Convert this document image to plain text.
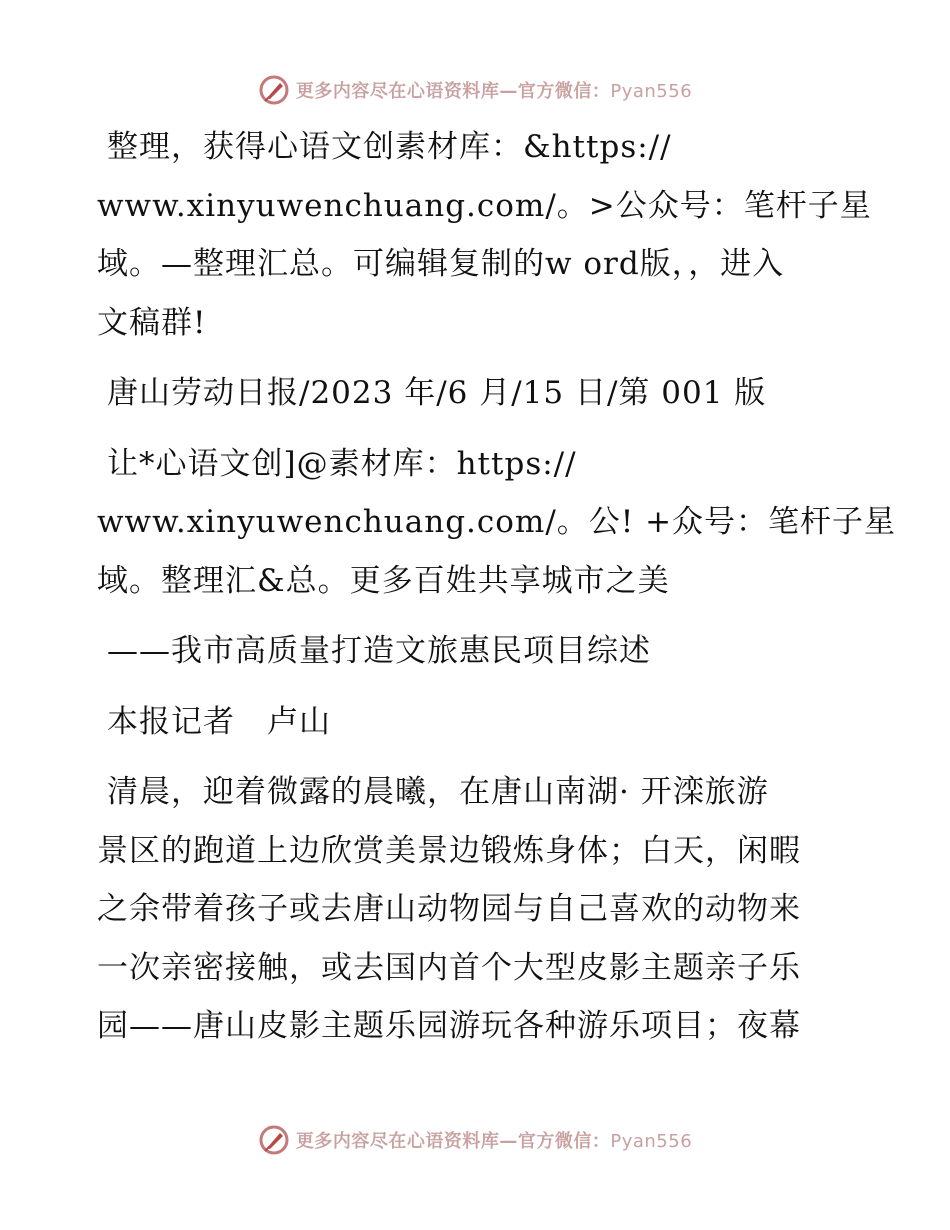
更多内容尽在心语资料库—官方微信：Pyan556

整理，获得心语文创素材库：&https://
www.xinyuwenchuang.com/。>公众号：笔杆子星
域。—整理汇总。可编辑复制的w ord版，，进入
文稿群!

唐山劳动日报/2023 年/6 月/15 日/第 001 版

让*心语文创]@素材库：https://
www.xinyuwenchuang.com/。公! +众号：笔杆子星
域。整理汇&总。更多百姓共享城市之美

——我市高质量打造文旅惠民项目综述

本报记者　卢山

清晨，迎着微露的晨曦，在唐山南湖· 开滦旅游
景区的跑道上边欣赏美景边锻炼身体；白天，闲暇
之余带着孩子或去唐山动物园与自己喜欢的动物来
一次亲密接触，或去国内首个大型皮影主题亲子乐
园——唐山皮影主题乐园游玩各种游乐项目；夜幕

更多内容尽在心语资料库—官方微信：Pyan556
